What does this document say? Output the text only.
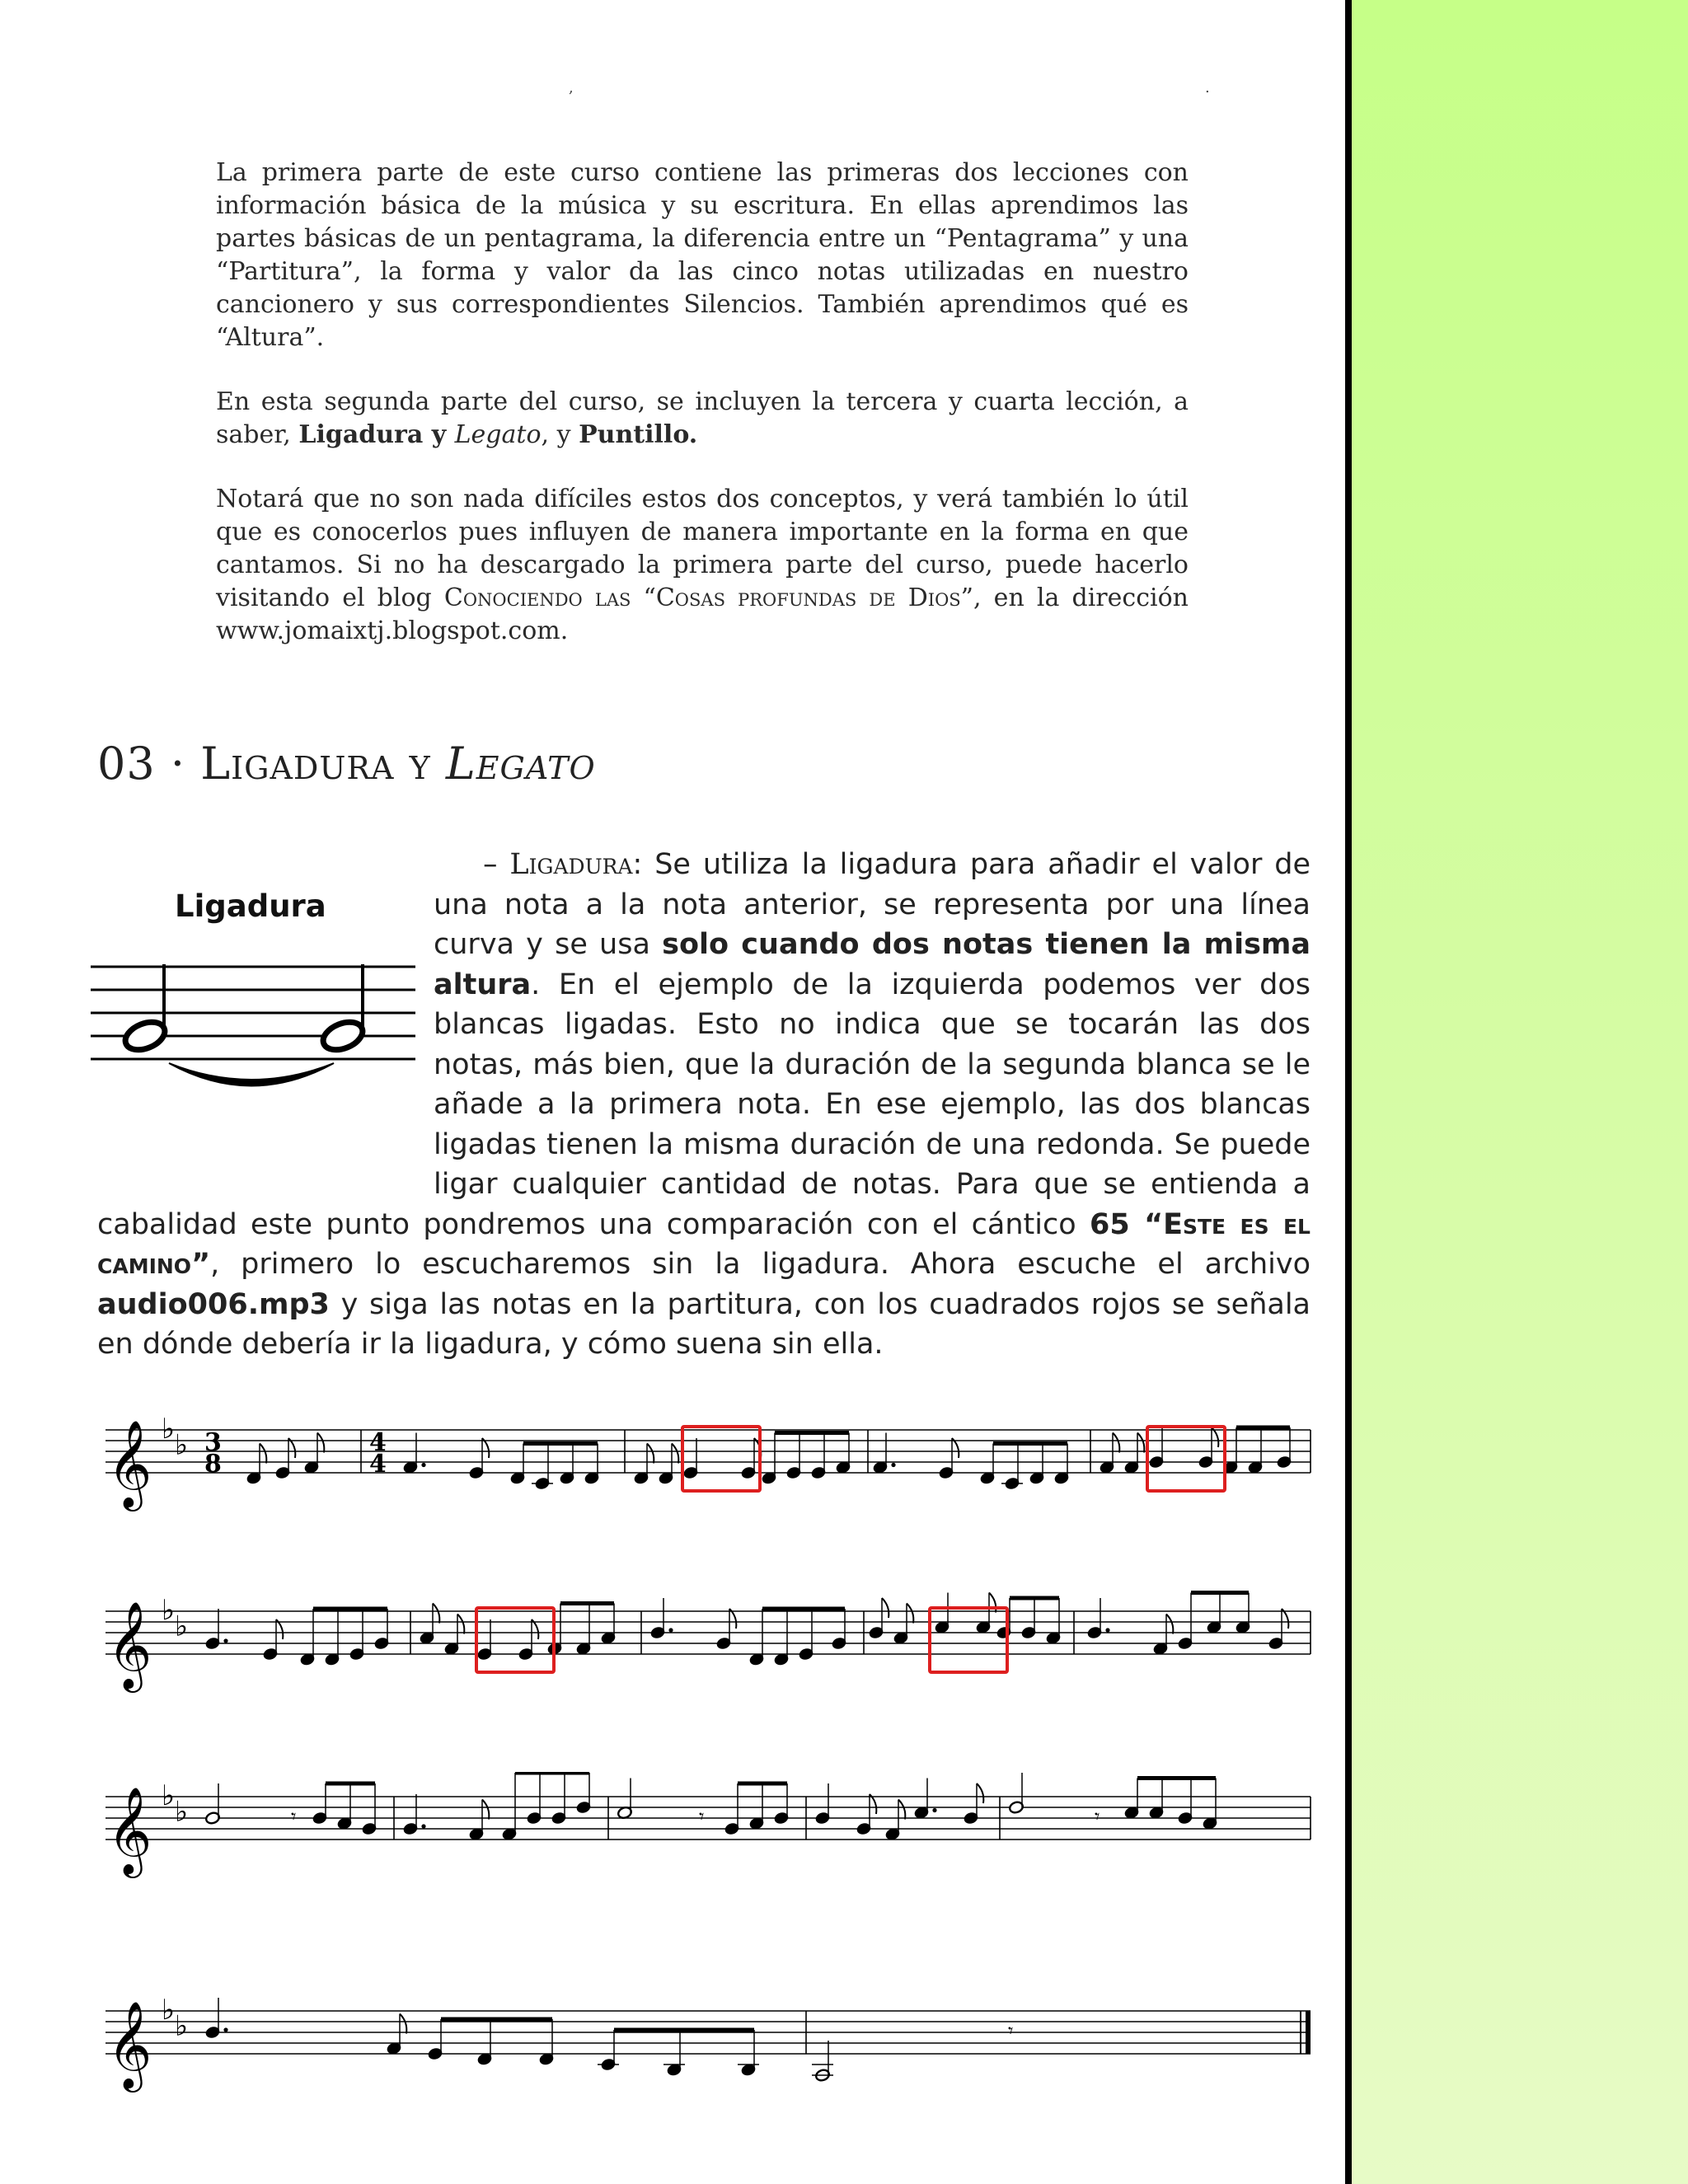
,	.

La primera parte de este curso contiene las primeras dos lecciones con información básica de la música y su escritura. En ellas aprendimos las partes básicas de un pentagrama, la diferencia entre un “Pentagrama” y una “Partitura”, la forma y valor da las cinco notas utilizadas en nuestro cancionero y sus correspondientes Silencios. También aprendimos qué es “Altura”.

En esta segunda parte del curso, se incluyen la tercera y cuarta lección, a saber, Ligadura y Legato, y Puntillo.

Notará que no son nada difíciles estos dos conceptos, y verá también lo útil que es conocerlos pues influyen de manera importante en la forma en que cantamos. Si no ha descargado la primera parte del curso, puede hacerlo visitando el blog Conociendo las “Cosas profundas de Dios”, en la dirección www.jomaixtj.blogspot.com.

03 · Ligadura y Legato
Ligadura
– Ligadura: Se utiliza la ligadura para añadir el valor de una nota a la nota anterior, se representa por una línea curva y se usa solo cuando dos notas tienen la misma altura. En el ejemplo de la izquierda podemos ver dos blancas ligadas. Esto no indica que se tocarán las dos notas, más bien, que la duración de la segunda blanca se le añade a la primera nota. En ese ejemplo, las dos blancas ligadas tienen la misma duración de una redonda. Se puede ligar cualquier cantidad de notas. Para que se entienda a cabalidad este punto pondremos una comparación con el cántico 65 “Este es el camino”, primero lo escucharemos sin la ligadura. Ahora escuche el archivo audio006.mp3 y siga las notas en la partitura, con los cuadrados rojos se señala en dónde debería ir la ligadura, y cómo suena sin ella.
𝄞 ♭ ♭ 3
8
4
4
𝄞 ♭ ♭
𝄞 ♭ ♭	𝄾	𝄾	𝄾
𝄞 ♭ ♭	𝄾
